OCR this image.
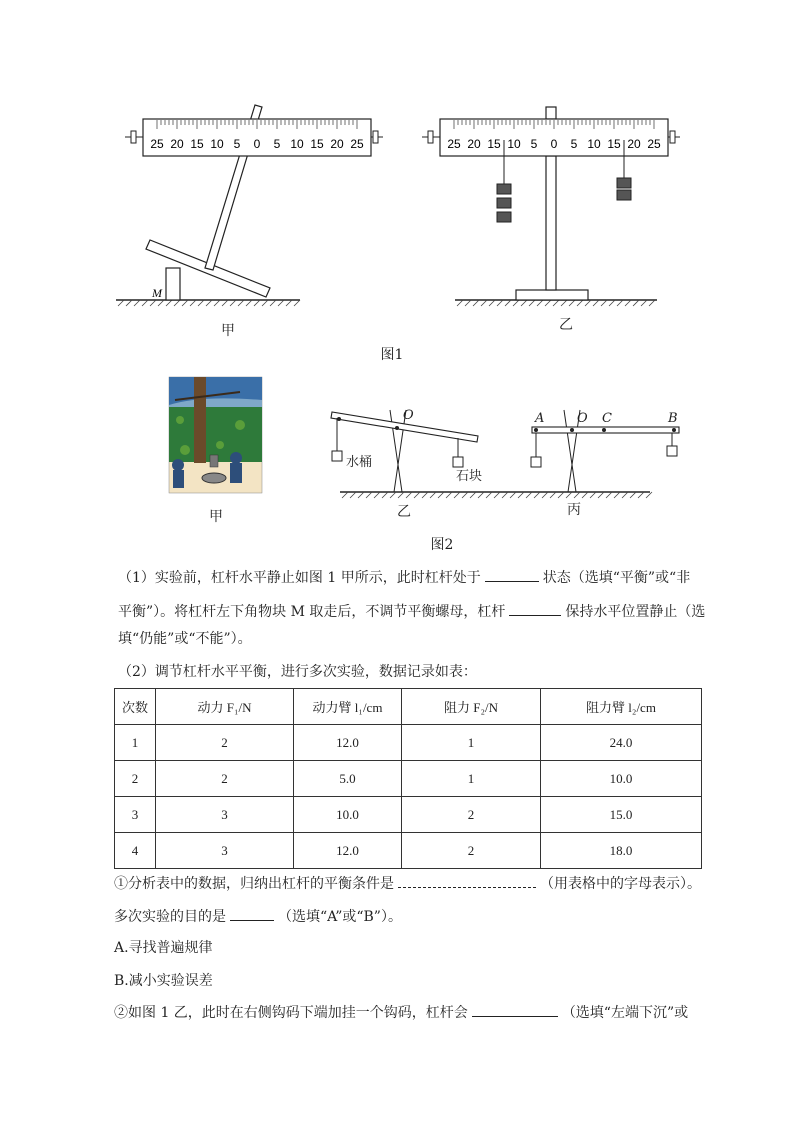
M
25 20 15 10 5 0 5 10 15 20 25	25 20 15 10 5 0 5 10 15 20 25
甲	乙
图1
甲	乙	丙
图2
O
水桶
石块
A	O C	B
（1）实验前，杠杆水平静止如图 1 甲所示，此时杠杆处于	状态（选填“平衡”或“非
平衡”）。将杠杆左下角物块 M 取走后，不调节平衡螺母，杠杆	保持水平位置静止（选
填“仍能”或“不能”）。
（2）调节杠杆水平平衡，进行多次实验，数据记录如表：
次数	动力 F₁/N	动力臂 l₁/cm	阻力 F₂/N	阻力臂 l₂/cm
1	2	12.0	1	24.0
2	2	5.0	1	10.0
3	3	10.0	2	15.0
4	3	12.0	2	18.0
①分析表中的数据，归纳出杠杆的平衡条件是	（用表格中的字母表示）。
多次实验的目的是	（选填“A”或“B”）。
A.寻找普遍规律
B.减小实验误差
②如图 1 乙，此时在右侧钩码下端加挂一个钩码，杠杆会	（选填“左端下沉”或
